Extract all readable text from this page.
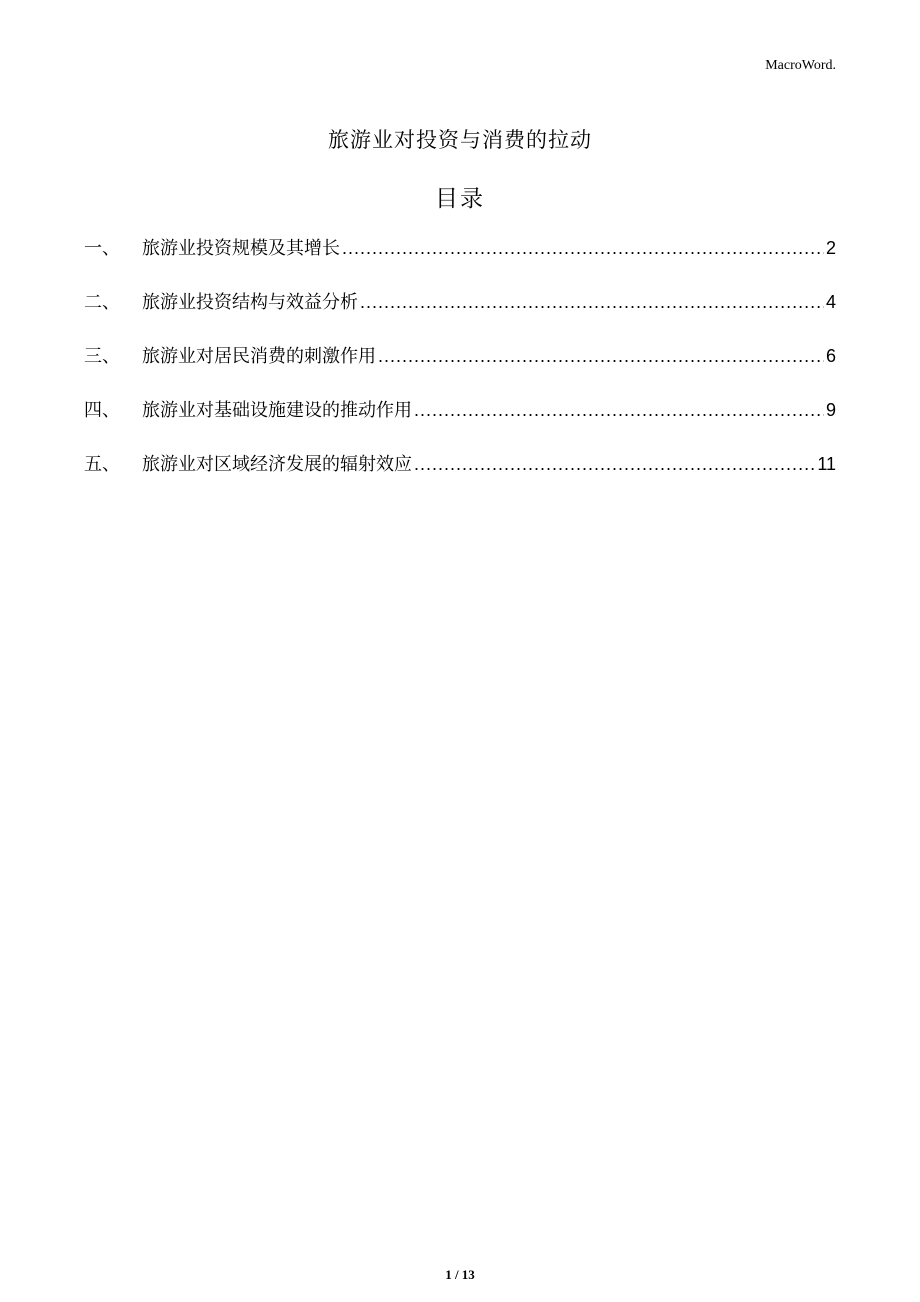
MacroWord.
旅游业对投资与消费的拉动
目录
一、	旅游业投资规模及其增长 .....	2
二、	旅游业投资结构与效益分析 .....	4
三、	旅游业对居民消费的刺激作用 .....	6
四、	旅游业对基础设施建设的推动作用 .....	9
五、	旅游业对区域经济发展的辐射效应 .....	11
1 / 13
